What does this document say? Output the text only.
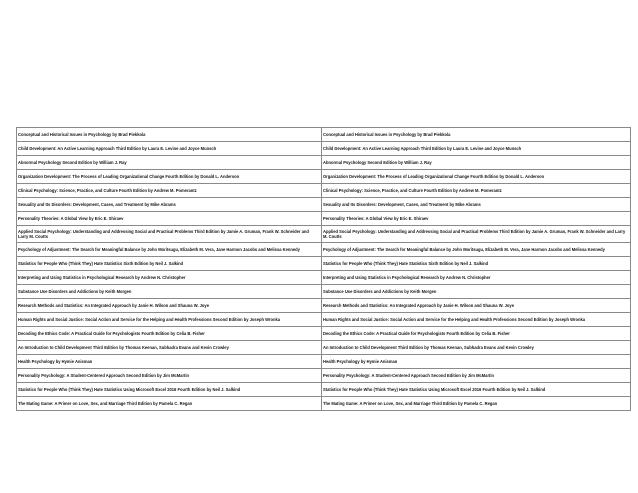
Conceptual and Historical Issues in Psychology by Brad Piekkola	Conceptual and Historical Issues in Psychology by Brad Piekkola
Child Development: An Active Learning Approach Third Edition by Laura E. Levine and Joyce Munsch	Child Development: An Active Learning Approach Third Edition by Laura E. Levine and Joyce Munsch
Abnormal Psychology Second Edition by William J. Ray	Abnormal Psychology Second Edition by William J. Ray
Organization Development: The Process of Leading Organizational Change Fourth Edition by Donald L. Anderson	Organization Development: The Process of Leading Organizational Change Fourth Edition by Donald L. Anderson
Clinical Psychology: Science, Practice, and Culture Fourth Edition by Andrew M. Pomerantz	Clinical Psychology: Science, Practice, and Culture Fourth Edition by Andrew M. Pomerantz
Sexuality and Its Disorders: Development, Cases, and Treatment by Mike Abrams	Sexuality and Its Disorders: Development, Cases, and Treatment by Mike Abrams
Personality Theories: A Global View by Eric E. Shiraev	Personality Theories: A Global View by Eric E. Shiraev
Applied Social Psychology: Understanding and Addressing Social and Practical Problems Third Edition by Jamie A. Gruman, Frank W. Schneider and Larry M. Coutts	Applied Social Psychology: Understanding and Addressing Social and Practical Problems Third Edition by Jamie A. Gruman, Frank W. Schneider and Larry M. Coutts
Psychology of Adjustment: The Search for Meaningful Balance by John Moritsugu, Elizabeth M. Vera, Jane Harmon Jacobs and Melissa Kennedy	Psychology of Adjustment: The Search for Meaningful Balance by John Moritsugu, Elizabeth M. Vera, Jane Harmon Jacobs and Melissa Kennedy
Statistics for People Who (Think They) Hate Statistics Sixth Edition by Neil J. Salkind	Statistics for People Who (Think They) Hate Statistics Sixth Edition by Neil J. Salkind
Interpreting and Using Statistics in Psychological Research by Andrew N. Christopher	Interpreting and Using Statistics in Psychological Research by Andrew N. Christopher
Substance Use Disorders and Addictions by Keith Morgen	Substance Use Disorders and Addictions by Keith Morgen
Research Methods and Statistics: An Integrated Approach by Janie H. Wilson and Shauna W. Joye	Research Methods and Statistics: An Integrated Approach by Janie H. Wilson and Shauna W. Joye
Human Rights and Social Justice: Social Action and Service for the Helping and Health Professions Second Edition by Joseph Wronka	Human Rights and Social Justice: Social Action and Service for the Helping and Health Professions Second Edition by Joseph Wronka
Decoding the Ethics Code: A Practical Guide for Psychologists Fourth Edition by Celia B. Fisher	Decoding the Ethics Code: A Practical Guide for Psychologists Fourth Edition by Celia B. Fisher
An Introduction to Child Development Third Edition by Thomas Keenan, Subhadra Evans and Kevin Crowley	An Introduction to Child Development Third Edition by Thomas Keenan, Subhadra Evans and Kevin Crowley
Health Psychology by Hymie Anisman	Health Psychology by Hymie Anisman
Personality Psychology: A Student-Centered Approach Second Edition by Jim McMartin	Personality Psychology: A Student-Centered Approach Second Edition by Jim McMartin
Statistics for People Who (Think They) Hate Statistics Using Microsoft Excel 2016 Fourth Edition by Neil J. Salkind	Statistics for People Who (Think They) Hate Statistics Using Microsoft Excel 2016 Fourth Edition by Neil J. Salkind
The Mating Game: A Primer on Love, Sex, and Marriage Third Edition by Pamela C. Regan	The Mating Game: A Primer on Love, Sex, and Marriage Third Edition by Pamela C. Regan
